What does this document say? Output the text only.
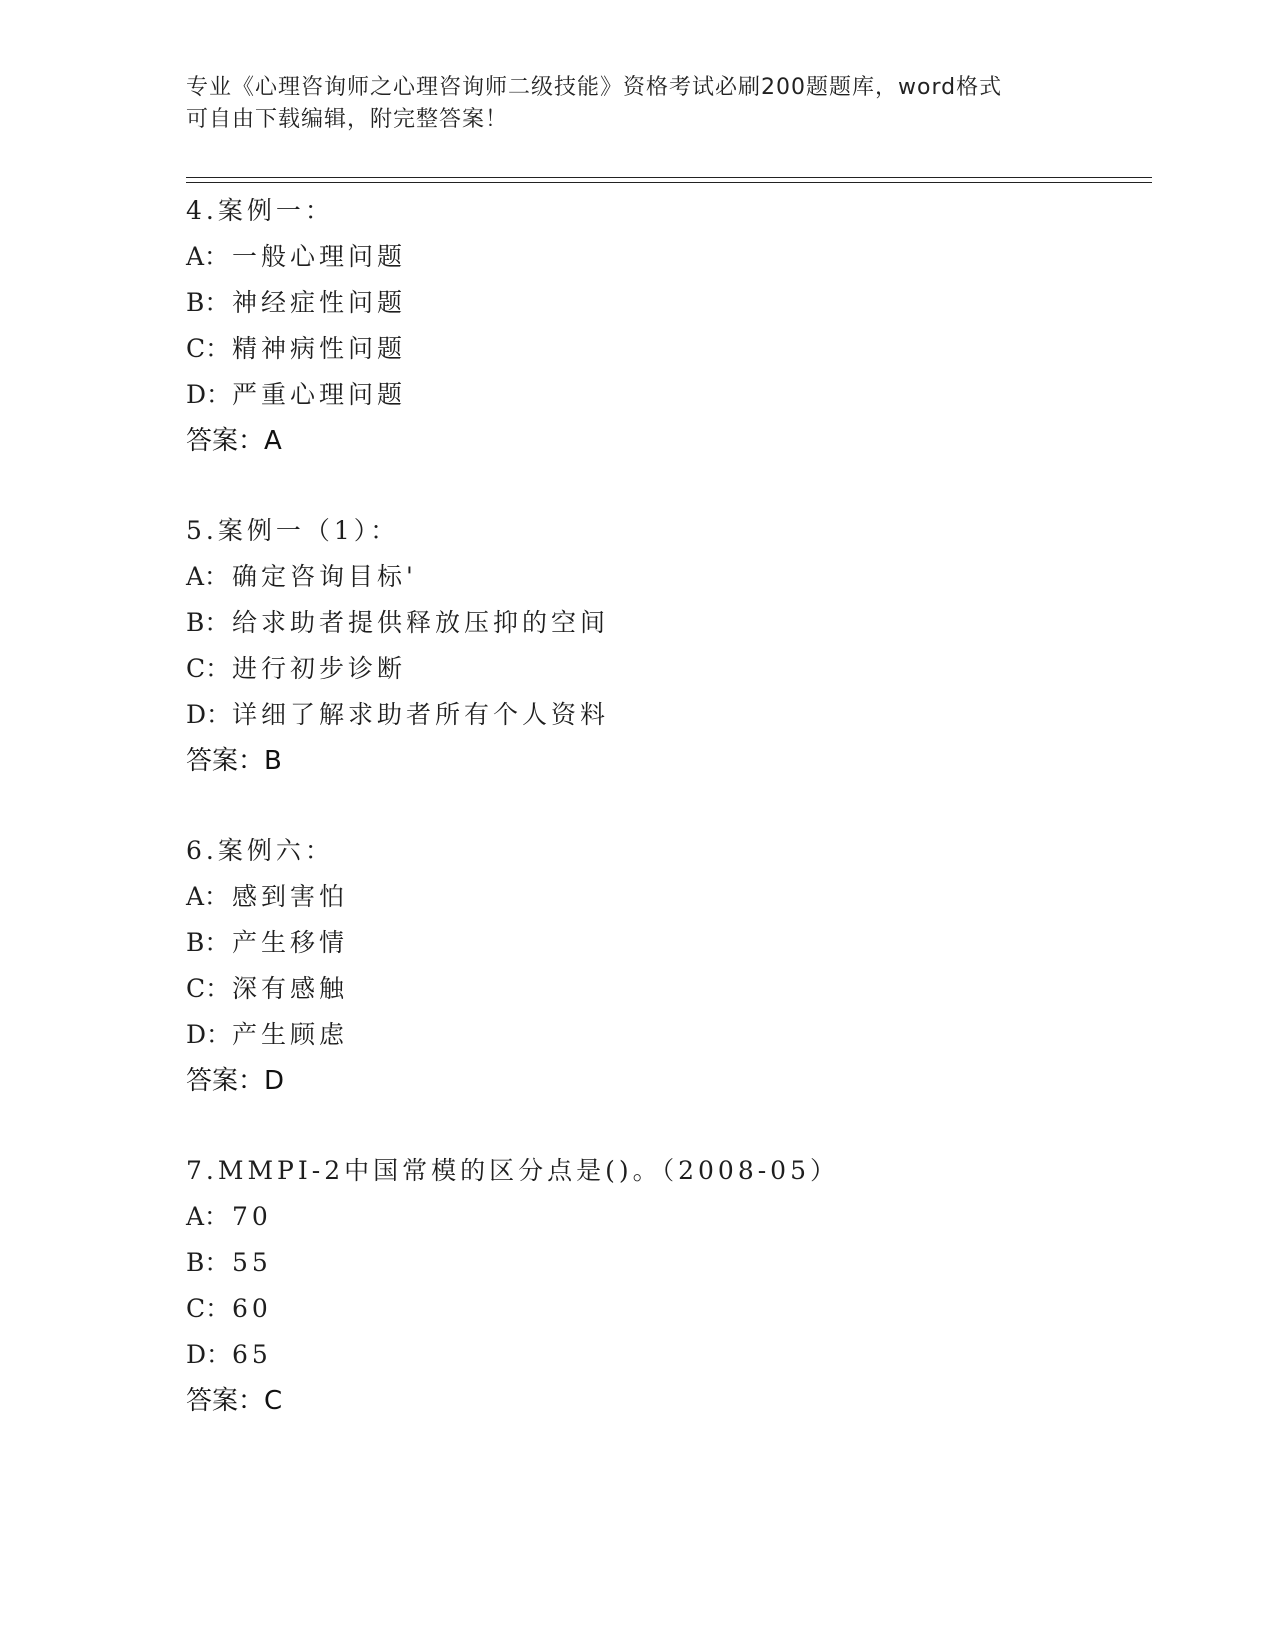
专业《心理咨询师之心理咨询师二级技能》资格考试必刷200题题库，word格式
可自由下载编辑，附完整答案！
4.案例一：
A： 一般心理问题
B： 神经症性问题
C：精神病性问题
D：严重心理问题
答案：A
5.案例一（1）：
A： 确定咨询目标'
B： 给求助者提供释放压抑的空间
C：进行初步诊断
D：详细了解求助者所有个人资料
答案：B
6.案例六：
A： 感到害怕
B： 产生移情
C：深有感触
D：产生顾虑
答案：D
7.MMPI-2中国常模的区分点是()。（2008-05）
A： 70
B： 55
C：60
D：65
答案：C
